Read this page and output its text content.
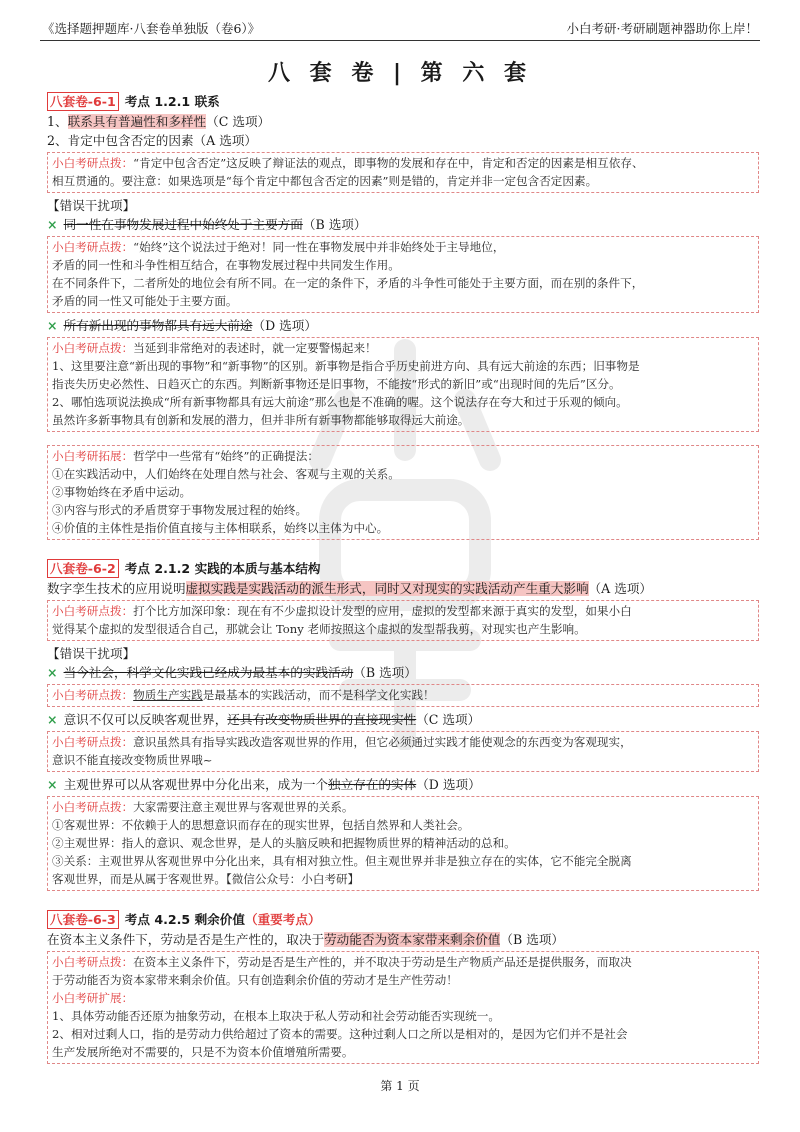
《选择题押题库·八套卷单独版（卷6）》	小白考研·考研刷题神器助你上岸！
八 套 卷 | 第 六 套
八套卷-6-1 考点 1.2.1 联系
1、联系具有普遍性和多样性（C 选项）
2、肯定中包含否定的因素（A 选项）
小白考研点拨：“肯定中包含否定”这反映了辩证法的观点，即事物的发展和存在中，肯定和否定的因素是相互依存、
相互贯通的。要注意：如果选项是“每个肯定中都包含否定的因素”则是错的，肯定并非一定包含否定因素。
【错误干扰项】
× 同一性在事物发展过程中始终处于主要方面（B 选项）
小白考研点拨：“始终”这个说法过于绝对！同一性在事物发展中并非始终处于主导地位，
矛盾的同一性和斗争性相互结合，在事物发展过程中共同发生作用。
在不同条件下，二者所处的地位会有所不同。在一定的条件下，矛盾的斗争性可能处于主要方面，而在别的条件下，
矛盾的同一性又可能处于主要方面。
× 所有新出现的事物都具有远大前途（D 选项）
小白考研点拨：当延到非常绝对的表述时，就一定要警惕起来！
1、这里要注意“新出现的事物”和“新事物”的区别。新事物是指合乎历史前进方向、具有远大前途的东西；旧事物是
指丧失历史必然性、日趋灭亡的东西。判断新事物还是旧事物，不能按“形式的新旧”或“出现时间的先后”区分。
2、哪怕选项说法换成“所有新事物都具有远大前途”那么也是不准确的喔。这个说法存在夸大和过于乐观的倾向。
虽然许多新事物具有创新和发展的潜力，但并非所有新事物都能够取得远大前途。
小白考研拓展：哲学中一些常有“始终”的正确提法：
①在实践活动中，人们始终在处理自然与社会、客观与主观的关系。
②事物始终在矛盾中运动。
③内容与形式的矛盾贯穿于事物发展过程的始终。
④价值的主体性是指价值直接与主体相联系，始终以主体为中心。
八套卷-6-2 考点 2.1.2 实践的本质与基本结构
数字孪生技术的应用说明虚拟实践是实践活动的派生形式，同时又对现实的实践活动产生重大影响（A 选项）
小白考研点拨：打个比方加深印象：现在有不少虚拟设计发型的应用，虚拟的发型都来源于真实的发型，如果小白
觉得某个虚拟的发型很适合自己，那就会让 Tony 老师按照这个虚拟的发型帮我剪，对现实也产生影响。
【错误干扰项】
× 当今社会，科学文化实践已经成为最基本的实践活动（B 选项）
小白考研点拨：物质生产实践是最基本的实践活动，而不是科学文化实践！
× 意识不仅可以反映客观世界，还具有改变物质世界的直接现实性（C 选项）
小白考研点拨：意识虽然具有指导实践改造客观世界的作用，但它必须通过实践才能使观念的东西变为客观现实，
意识不能直接改变物质世界哦~
× 主观世界可以从客观世界中分化出来，成为一个独立存在的实体（D 选项）
小白考研点拨：大家需要注意主观世界与客观世界的关系。
①客观世界：不依赖于人的思想意识而存在的现实世界，包括自然界和人类社会。
②主观世界：指人的意识、观念世界，是人的头脑反映和把握物质世界的精神活动的总和。
③关系：主观世界从客观世界中分化出来，具有相对独立性。但主观世界并非是独立存在的实体，它不能完全脱离
客观世界，而是从属于客观世界。【微信公众号：小白考研】
八套卷-6-3 考点 4.2.5 剩余价值（重要考点）
在资本主义条件下，劳动是否是生产性的，取决于劳动能否为资本家带来剩余价值（B 选项）
小白考研点拨：在资本主义条件下，劳动是否是生产性的，并不取决于劳动是生产物质产品还是提供服务，而取决
于劳动能否为资本家带来剩余价值。只有创造剩余价值的劳动才是生产性劳动！
小白考研扩展：
1、具体劳动能否还原为抽象劳动，在根本上取决于私人劳动和社会劳动能否实现统一。
2、相对过剩人口，指的是劳动力供给超过了资本的需要。这种过剩人口之所以是相对的，是因为它们并不是社会
生产发展所绝对不需要的，只是不为资本价值增殖所需要。
第 1 页
